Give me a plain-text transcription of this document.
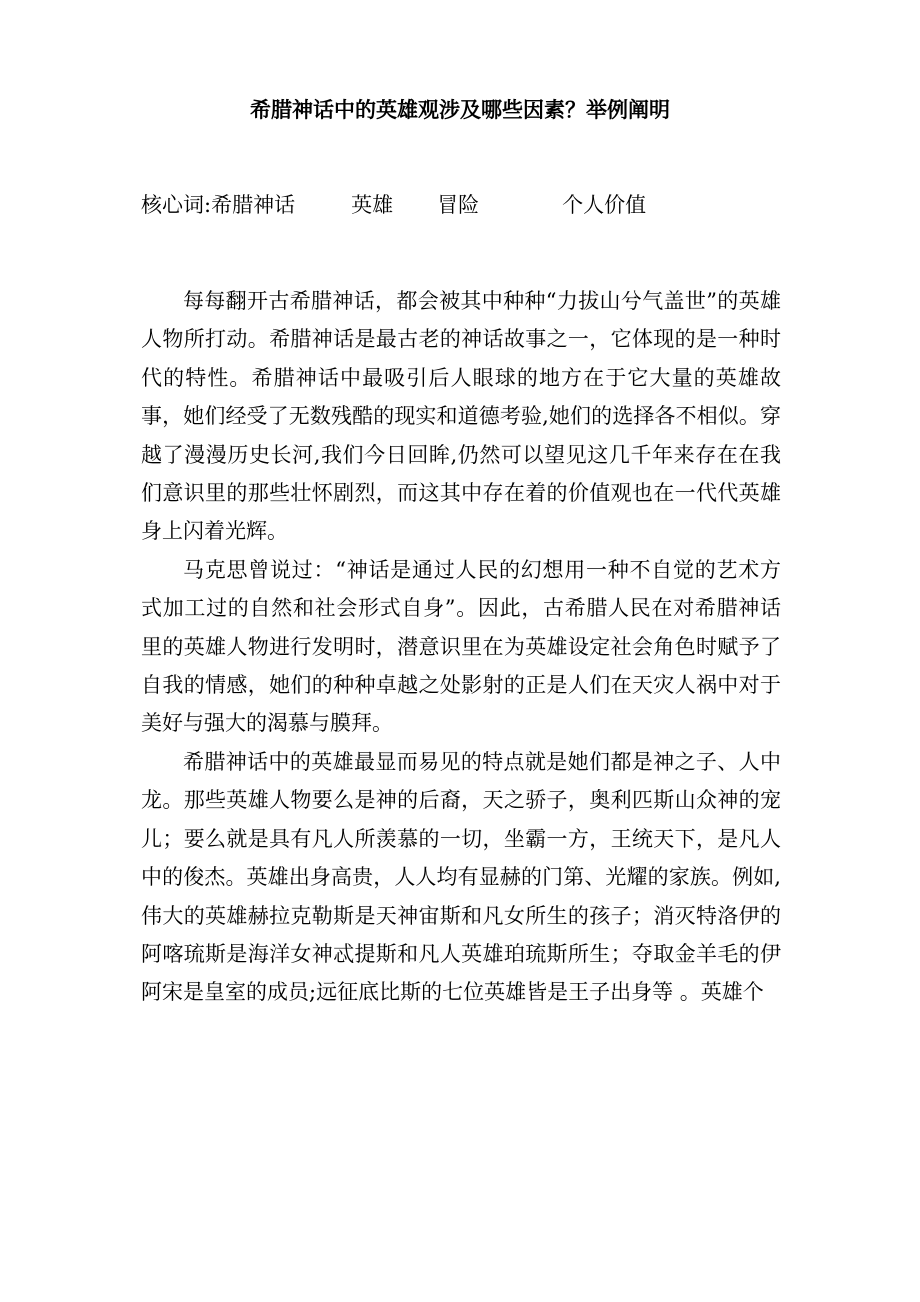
希腊神话中的英雄观涉及哪些因素？举例阐明
核心词:希腊神话	英雄 冒险	个人价值

每每翻开古希腊神话，都会被其中种种“力拔山兮气盖世”的英雄人物所打动。希腊神话是最古老的神话故事之一，它体现的是一种时代的特性。希腊神话中最吸引后人眼球的地方在于它大量的英雄故事，她们经受了无数残酷的现实和道德考验,她们的选择各不相似。穿越了漫漫历史长河,我们今日回眸,仍然可以望见这几千年来存在在我们意识里的那些壮怀剧烈，而这其中存在着的价值观也在一代代英雄身上闪着光辉。

马克思曾说过：“神话是通过人民的幻想用一种不自觉的艺术方式加工过的自然和社会形式自身”。因此，古希腊人民在对希腊神话里的英雄人物进行发明时，潜意识里在为英雄设定社会角色时赋予了自我的情感，她们的种种卓越之处影射的正是人们在天灾人祸中对于美好与强大的渴慕与膜拜。

希腊神话中的英雄最显而易见的特点就是她们都是神之子、人中龙。那些英雄人物要么是神的后裔，天之骄子，奥利匹斯山众神的宠儿；要么就是具有凡人所羡慕的一切，坐霸一方，王统天下，是凡人中的俊杰。英雄出身高贵，人人均有显赫的门第、光耀的家族。例如,伟大的英雄赫拉克勒斯是天神宙斯和凡女所生的孩子；消灭特洛伊的阿喀琉斯是海洋女神忒提斯和凡人英雄珀琉斯所生；夺取金羊毛的伊阿宋是皇室的成员;远征底比斯的七位英雄皆是王子出身等 。英雄个
